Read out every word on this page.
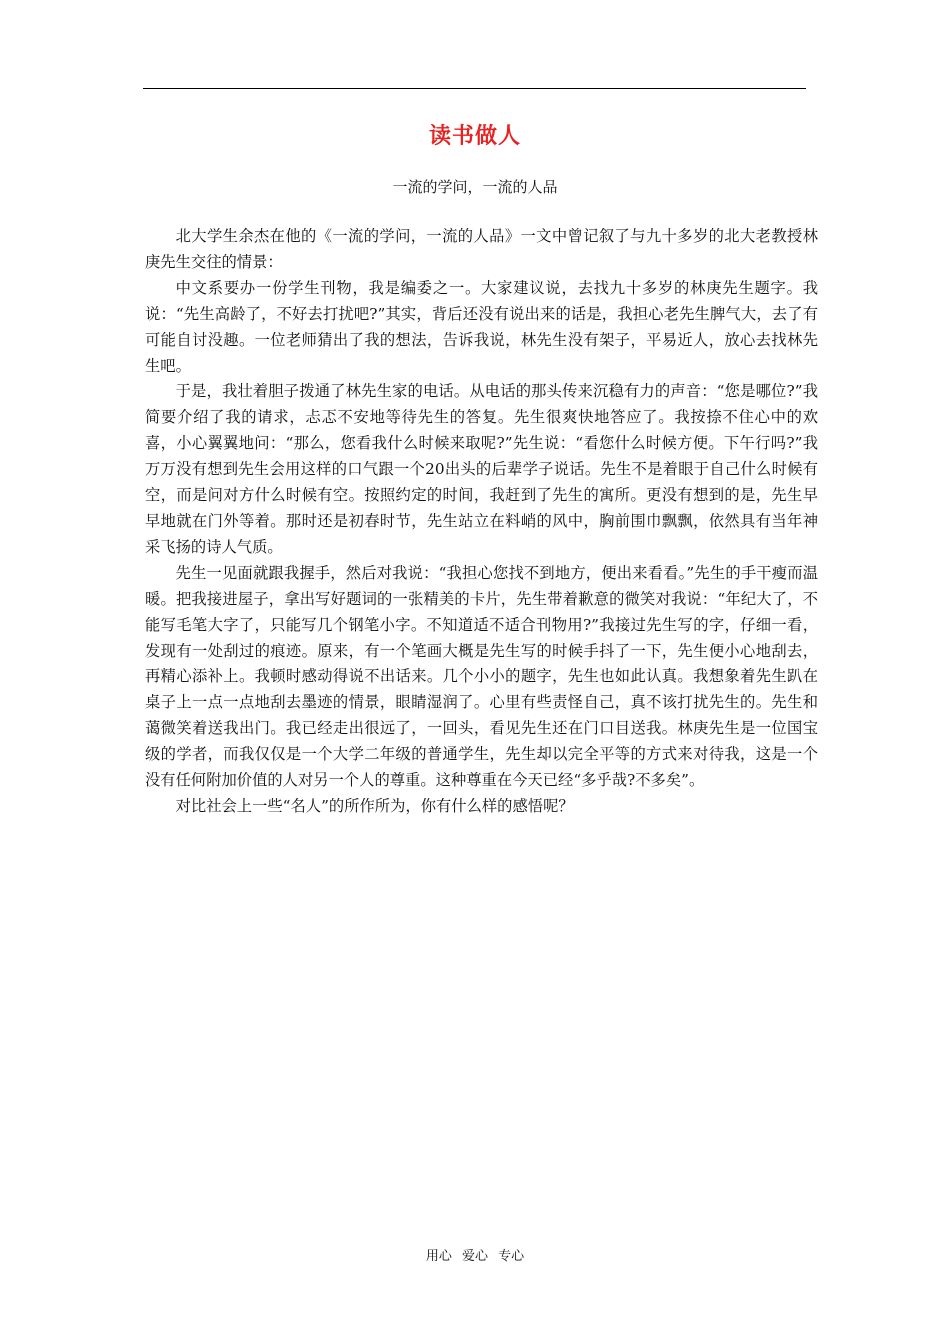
读书做人
一流的学问，一流的人品

北大学生余杰在他的《一流的学问，一流的人品》一文中曾记叙了与九十多岁的北大老教授林庚先生交往的情景：

中文系要办一份学生刊物，我是编委之一。大家建议说，去找九十多岁的林庚先生题字。我说：“先生高龄了，不好去打扰吧?”其实，背后还没有说出来的话是，我担心老先生脾气大，去了有可能自讨没趣。一位老师猜出了我的想法，告诉我说，林先生没有架子，平易近人，放心去找林先生吧。

于是，我壮着胆子拨通了林先生家的电话。从电话的那头传来沉稳有力的声音：“您是哪位?”我简要介绍了我的请求，忐忑不安地等待先生的答复。先生很爽快地答应了。我按捺不住心中的欢喜，小心翼翼地问：“那么，您看我什么时候来取呢?”先生说：“看您什么时候方便。下午行吗?”我万万没有想到先生会用这样的口气跟一个20出头的后辈学子说话。先生不是着眼于自己什么时候有空，而是问对方什么时候有空。按照约定的时间，我赶到了先生的寓所。更没有想到的是，先生早早地就在门外等着。那时还是初春时节，先生站立在料峭的风中，胸前围巾飘飘，依然具有当年神采飞扬的诗人气质。

先生一见面就跟我握手，然后对我说：“我担心您找不到地方，便出来看看。”先生的手干瘦而温暖。把我接进屋子，拿出写好题词的一张精美的卡片，先生带着歉意的微笑对我说：“年纪大了，不能写毛笔大字了，只能写几个钢笔小字。不知道适不适合刊物用?”我接过先生写的字，仔细一看，发现有一处刮过的痕迹。原来，有一个笔画大概是先生写的时候手抖了一下，先生便小心地刮去，再精心添补上。我顿时感动得说不出话来。几个小小的题字，先生也如此认真。我想象着先生趴在桌子上一点一点地刮去墨迹的情景，眼睛湿润了。心里有些责怪自己，真不该打扰先生的。先生和蔼微笑着送我出门。我已经走出很远了，一回头，看见先生还在门口目送我。林庚先生是一位国宝级的学者，而我仅仅是一个大学二年级的普通学生，先生却以完全平等的方式来对待我，这是一个没有任何附加价值的人对另一个人的尊重。这种尊重在今天已经“多乎哉?不多矣”。

对比社会上一些“名人”的所作所为，你有什么样的感悟呢？

用心 爱心 专心
